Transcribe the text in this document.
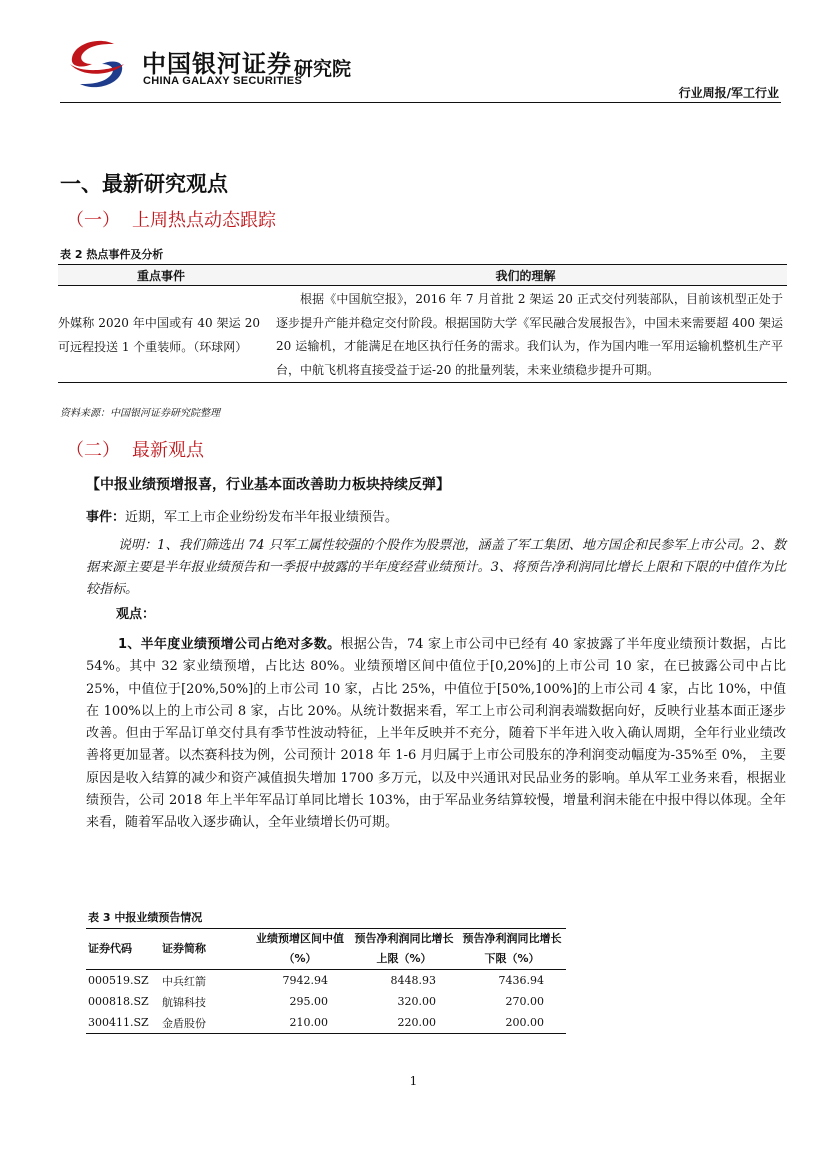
中国银河证券
CHINA GALAXY SECURITIES
研究院
行业周报/军工行业
一、最新研究观点
（一） 上周热点动态跟踪
表 2 热点事件及分析
重点事件	我们的理解
外媒称 2020 年中国或有 40 架运 20 可远程投送 1 个重装师。（环球网）	根据《中国航空报》，2016 年 7 月首批 2 架运 20 正式交付列装部队，目前该机型正处于逐步提升产能并稳定交付阶段。根据国防大学《军民融合发展报告》，中国未来需要超 400 架运 20 运输机，才能满足在地区执行任务的需求。我们认为，作为国内唯一军用运输机整机生产平台，中航飞机将直接受益于运-20 的批量列装，未来业绩稳步提升可期。
资料来源：中国银河证券研究院整理
（二） 最新观点
【中报业绩预增报喜，行业基本面改善助力板块持续反弹】
事件：近期，军工上市企业纷纷发布半年报业绩预告。
说明：1、我们筛选出 74 只军工属性较强的个股作为股票池，涵盖了军工集团、地方国企和民参军上市公司。2、数据来源主要是半年报业绩预告和一季报中披露的半年度经营业绩预计。3、将预告净利润同比增长上限和下限的中值作为比较指标。
观点：
1、半年度业绩预增公司占绝对多数。根据公告，74 家上市公司中已经有 40 家披露了半年度业绩预计数据，占比 54%。其中 32 家业绩预增，占比达 80%。业绩预增区间中值位于[0,20%]的上市公司 10 家，在已披露公司中占比 25%，中值位于[20%,50%]的上市公司 10 家，占比 25%，中值位于[50%,100%]的上市公司 4 家，占比 10%，中值在 100%以上的上市公司 8 家，占比 20%。从统计数据来看，军工上市公司利润表端数据向好，反映行业基本面正逐步改善。但由于军品订单交付具有季节性波动特征，上半年反映并不充分，随着下半年进入收入确认周期，全年行业业绩改善将更加显著。以杰赛科技为例，公司预计 2018 年 1-6 月归属于上市公司股东的净利润变动幅度为-35%至 0%， 主要原因是收入结算的减少和资产减值损失增加 1700 多万元，以及中兴通讯对民品业务的影响。单从军工业务来看，根据业绩预告，公司 2018 年上半年军品订单同比增长 103%，由于军品业务结算较慢，增量利润未能在中报中得以体现。全年来看，随着军品收入逐步确认，全年业绩增长仍可期。
表 3 中报业绩预告情况
证券代码	证券简称	业绩预增区间中值（%）	预告净利润同比增长上限（%）	预告净利润同比增长下限（%）
000519.SZ	中兵红箭	7942.94	8448.93	7436.94
000818.SZ	航锦科技	295.00	320.00	270.00
300411.SZ	金盾股份	210.00	220.00	200.00
1
